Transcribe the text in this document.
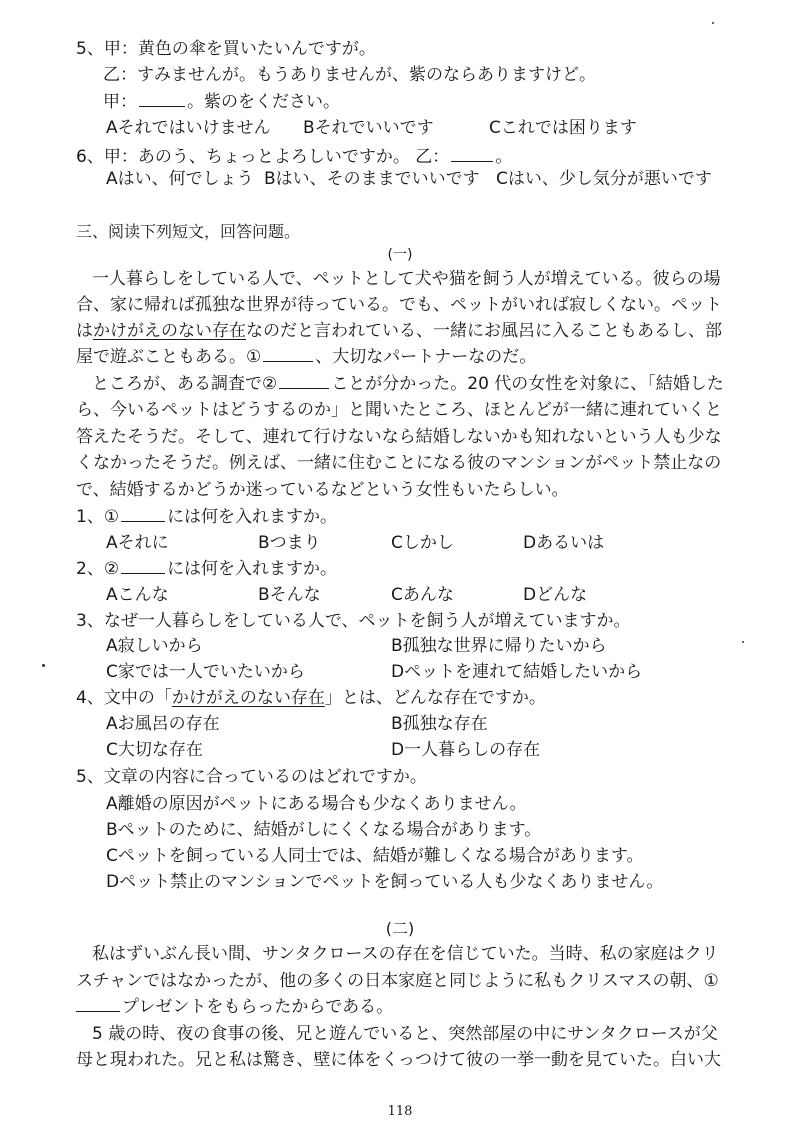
5、甲：黄色の傘を買いたいんですが。
乙：すみませんが。もうありませんが、紫のならありますけど。
甲：	。紫のをください。
Aそれではいけません Bそれでいいです	Cこれでは困ります
6、甲：あのう、ちょっとよろしいですか。 乙：	。
Aはい、何でしょう Bはい、そのままでいいです Cはい、少し気分が悪いです
三、阅读下列短文，回答问题。
(一)
一人暮らしをしている人で、ペットとして犬や猫を飼う人が増えている。彼らの場
合、家に帰れば孤独な世界が待っている。でも、ペットがいれば寂しくない。ペット
はかけがえのない存在なのだと言われている、一緒にお風呂に入ることもあるし、部
屋で遊ぶこともある。①	、大切なパートナーなのだ。
ところが、ある調査で②	ことが分かった。20 代の女性を対象に、「結婚した
ら、今いるペットはどうするのか」と聞いたところ、ほとんどが一緒に連れていくと
答えたそうだ。そして、連れて行けないなら結婚しないかも知れないという人も少な
くなかったそうだ。例えば、一緒に住むことになる彼のマンションがペット禁止なの
で、結婚するかどうか迷っているなどという女性もいたらしい。
1、①	には何を入れますか。
Aそれに	Bつまり	Cしかし	Dあるいは
2、②	には何を入れますか。
Aこんな	Bそんな	Cあんな	Dどんな
3、なぜ一人暮らしをしている人で、ペットを飼う人が増えていますか。
A寂しいから	B孤独な世界に帰りたいから
C家では一人でいたいから	Dペットを連れて結婚したいから
4、文中の「かけがえのない存在」とは、どんな存在ですか。
Aお風呂の存在	B孤独な存在
C大切な存在	D一人暮らしの存在
5、文章の内容に合っているのはどれですか。
A離婚の原因がペットにある場合も少なくありません。
Bペットのために、結婚がしにくくなる場合があります。
Cペットを飼っている人同士では、結婚が難しくなる場合があります。
Dペット禁止のマンションでペットを飼っている人も少なくありません。
(二)
私はずいぶん長い間、サンタクロースの存在を信じていた。当時、私の家庭はクリ
スチャンではなかったが、他の多くの日本家庭と同じように私もクリスマスの朝、①
プレゼントをもらったからである。
5 歳の時、夜の食事の後、兄と遊んでいると、突然部屋の中にサンタクロースが父
母と現われた。兄と私は驚き、壁に体をくっつけて彼の一挙一動を見ていた。白い大
118
